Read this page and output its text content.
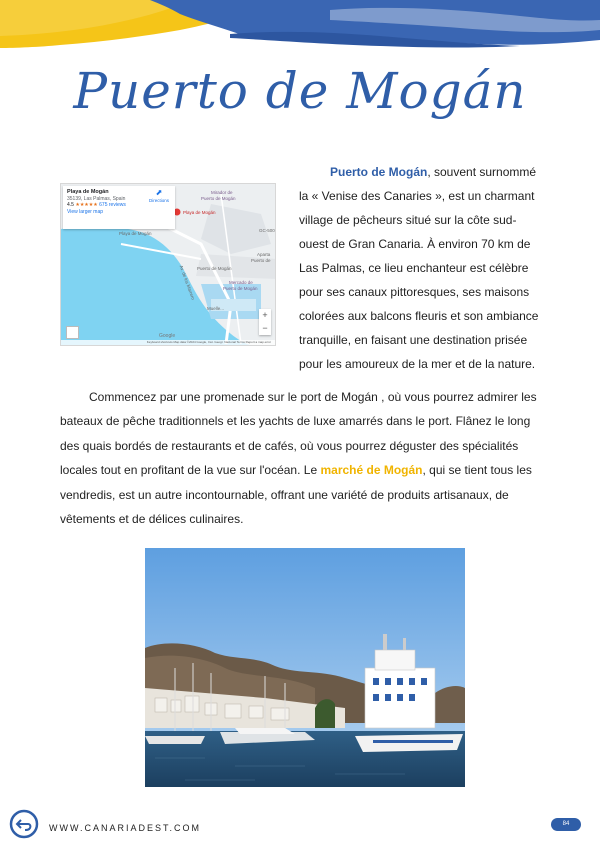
Puerto de Mogán
Playa de Mogán
35139, Las Palmas, Spain
4.5 ★★★★★ 675 reviews
View larger map
⬈
Directions
Playa de Mogán
Mirador de
Puerto de Mogán
Playa de Mogán
Puerto de Mogán
Aparta
Puerto de
Mercado de
Puerto de Mogán
Muelle...
Av. de los Marrero
GC-500
+
−
Google
Keyboard shortcuts Map data ©2024 Google, Inst. Geogr. Nacional Terms Report a map error
Puerto de Mogán, souvent surnommé
la « Venise des Canaries », est un charmant
village de pêcheurs situé sur la côte sud-
ouest de Gran Canaria. À environ 70 km de
Las Palmas, ce lieu enchanteur est célèbre
pour ses canaux pittoresques, ses maisons
colorées aux balcons fleuris et son ambiance
tranquille, en faisant une destination prisée
pour les amoureux de la mer et de la nature.

Commencez par une promenade sur le port de Mogán , où vous pourrez admirer les bateaux de pêche traditionnels et les yachts de luxe amarrés dans le port. Flânez le long des quais bordés de restaurants et de cafés, où vous pourrez déguster des spécialités locales tout en profitant de la vue sur l'océan. Le marché de Mogán, qui se tient tous les vendredis, est un autre incontournable, offrant une variété de produits artisanaux, de vêtements et de délices culinaires.

WWW.CANARIADEST.COM	84
